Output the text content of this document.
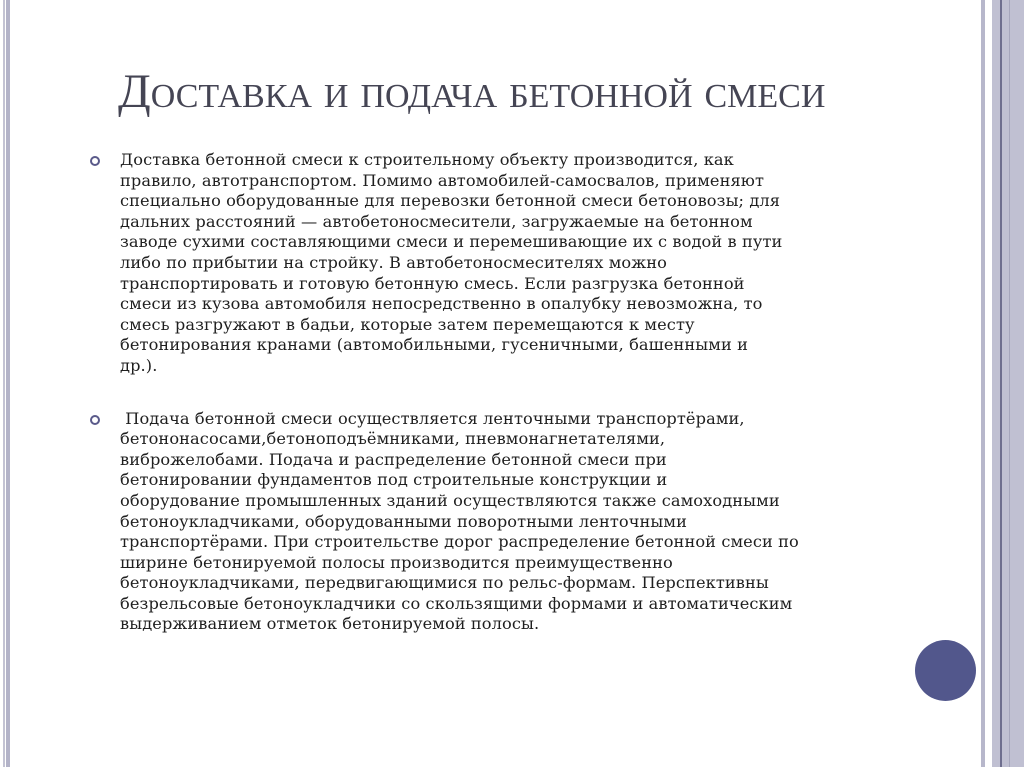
Доставка и подача бетонной смеси

Доставка бетонной смеси к строительному объекту производится, как
правило, автотранспортом. Помимо автомобилей-самосвалов, применяют
специально оборудованные для перевозки бетонной смеси бетоновозы; для
дальних расстояний — автобетоносмесители, загружаемые на бетонном
заводе сухими составляющими смеси и перемешивающие их с водой в пути
либо по прибытии на стройку. В автобетоносмесителях можно
транспортировать и готовую бетонную смесь. Если разгрузка бетонной
смеси из кузова автомобиля непосредственно в опалубку невозможна, то
смесь разгружают в бадьи, которые затем перемещаются к месту
бетонирования кранами (автомобильными, гусеничными, башенными и
др.).

Подача бетонной смеси осуществляется ленточными транспортёрами,
бетононасосами,бетоноподъёмниками, пневмонагнетателями,
виброжелобами. Подача и распределение бетонной смеси при
бетонировании фундаментов под строительные конструкции и
оборудование промышленных зданий осуществляются также самоходными
бетоноукладчиками, оборудованными поворотными ленточными
транспортёрами. При строительстве дорог распределение бетонной смеси по
ширине бетонируемой полосы производится преимущественно
бетоноукладчиками, передвигающимися по рельс-формам. Перспективны
безрельсовые бетоноукладчики со скользящими формами и автоматическим
выдерживанием отметок бетонируемой полосы.
